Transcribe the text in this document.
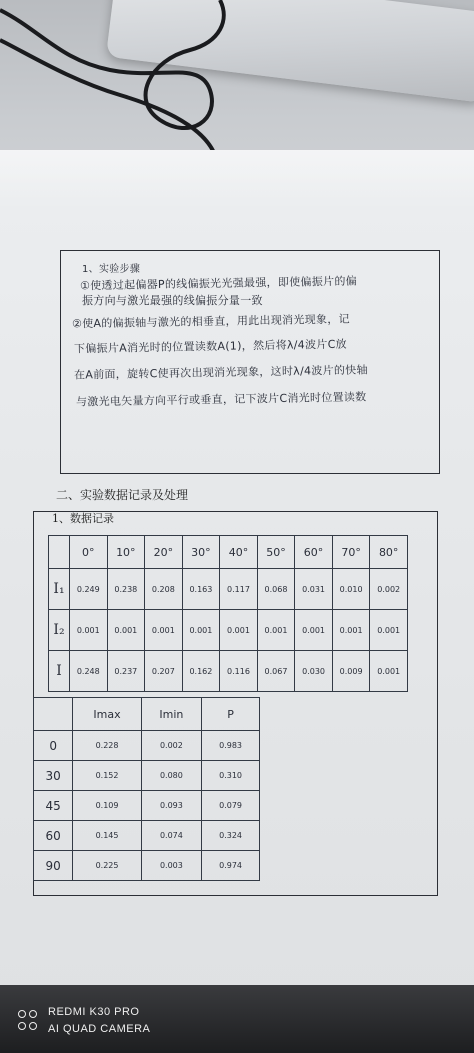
1、实验步骤
①使透过起偏器P的线偏振光光强最强，即使偏振片的偏
振方向与激光最强的线偏振分量一致
②使A的偏振轴与激光的相垂直，用此出现消光现象，记
下偏振片A消光时的位置读数A(1)，然后将λ/4波片C放
在A前面，旋转C使再次出现消光现象，这时λ/4波片的快轴
与激光电矢量方向平行或垂直，记下波片C消光时位置读数
二、实验数据记录及处理
1、数据记录
	0°	10°	20°	30°	40°	50°	60°	70°	80°
I₁	0.249	0.238	0.208	0.163	0.117	0.068	0.031	0.010	0.002
I₂	0.001	0.001	0.001	0.001	0.001	0.001	0.001	0.001	0.001
I	0.248	0.237	0.207	0.162	0.116	0.067	0.030	0.009	0.001
	Imax	Imin	P
0	0.228	0.002	0.983
30	0.152	0.080	0.310
45	0.109	0.093	0.079
60	0.145	0.074	0.324
90	0.225	0.003	0.974
REDMI K30 PRO
AI QUAD CAMERA
